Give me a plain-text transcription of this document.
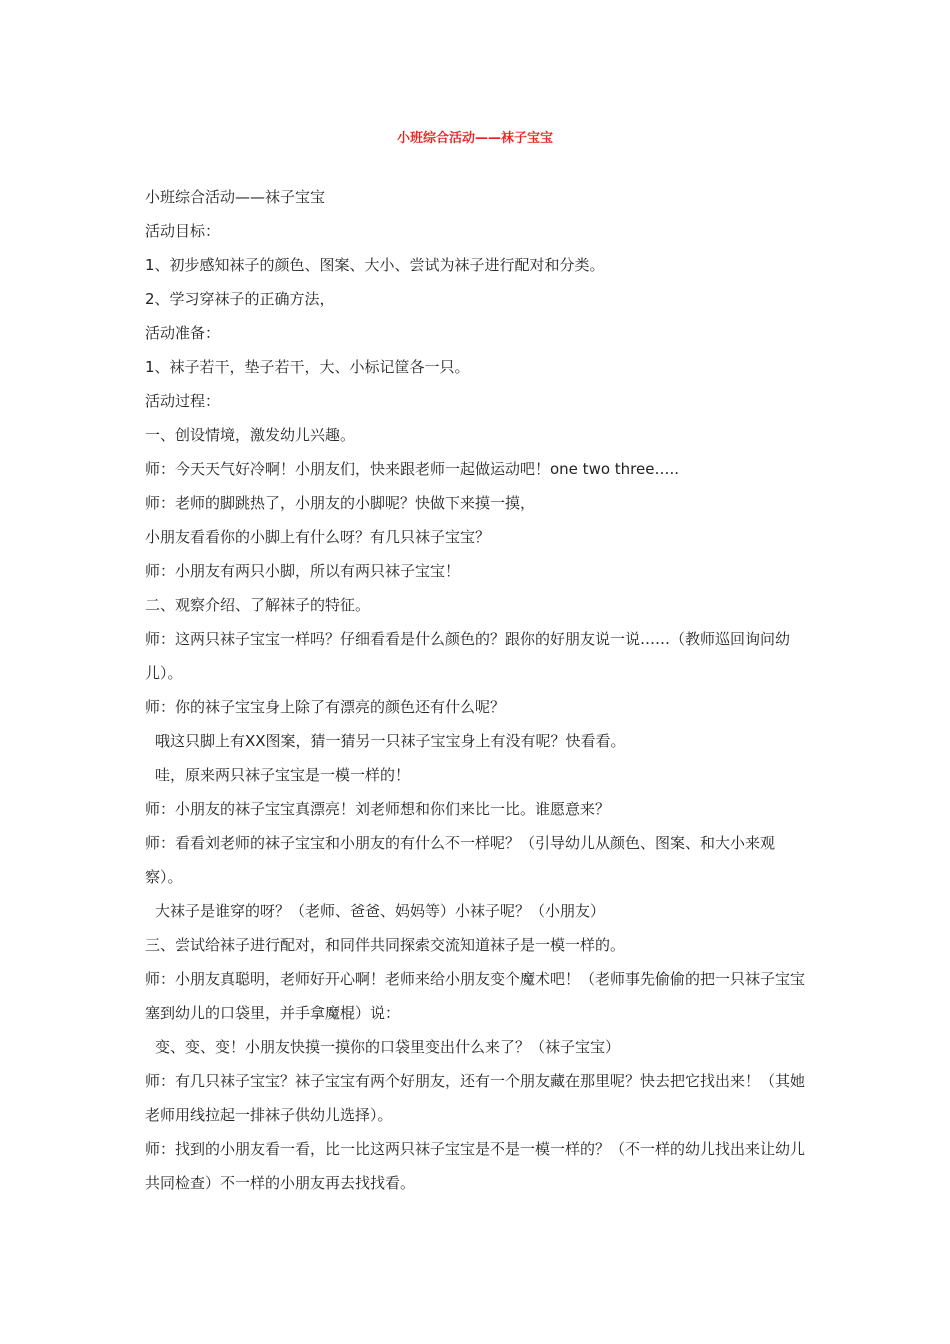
小班综合活动——袜子宝宝

小班综合活动——袜子宝宝

活动目标：

1、初步感知袜子的颜色、图案、大小、尝试为袜子进行配对和分类。

2、学习穿袜子的正确方法，

活动准备：

1、袜子若干，垫子若干，大、小标记筐各一只。

活动过程：

一、创设情境，激发幼儿兴趣。

师：今天天气好冷啊！小朋友们，快来跟老师一起做运动吧！one two three…..

师：老师的脚跳热了，小朋友的小脚呢？快做下来摸一摸，

小朋友看看你的小脚上有什么呀？有几只袜子宝宝？

师：小朋友有两只小脚，所以有两只袜子宝宝！

二、观察介绍、了解袜子的特征。

师：这两只袜子宝宝一样吗？仔细看看是什么颜色的？跟你的好朋友说一说……（教师巡回询问幼儿）。

师：你的袜子宝宝身上除了有漂亮的颜色还有什么呢？

哦这只脚上有XX图案，猜一猜另一只袜子宝宝身上有没有呢？快看看。

哇，原来两只袜子宝宝是一模一样的！

师：小朋友的袜子宝宝真漂亮！刘老师想和你们来比一比。谁愿意来？

师：看看刘老师的袜子宝宝和小朋友的有什么不一样呢？（引导幼儿从颜色、图案、和大小来观察）。

大袜子是谁穿的呀？（老师、爸爸、妈妈等）小袜子呢？（小朋友）

三、尝试给袜子进行配对，和同伴共同探索交流知道袜子是一模一样的。

师：小朋友真聪明，老师好开心啊！老师来给小朋友变个魔术吧！（老师事先偷偷的把一只袜子宝宝塞到幼儿的口袋里，并手拿魔棍）说：

变、变、变！小朋友快摸一摸你的口袋里变出什么来了？（袜子宝宝）

师：有几只袜子宝宝？袜子宝宝有两个好朋友，还有一个朋友藏在那里呢？快去把它找出来！（其她老师用线拉起一排袜子供幼儿选择）。

师：找到的小朋友看一看，比一比这两只袜子宝宝是不是一模一样的？（不一样的幼儿找出来让幼儿共同检查）不一样的小朋友再去找找看。
